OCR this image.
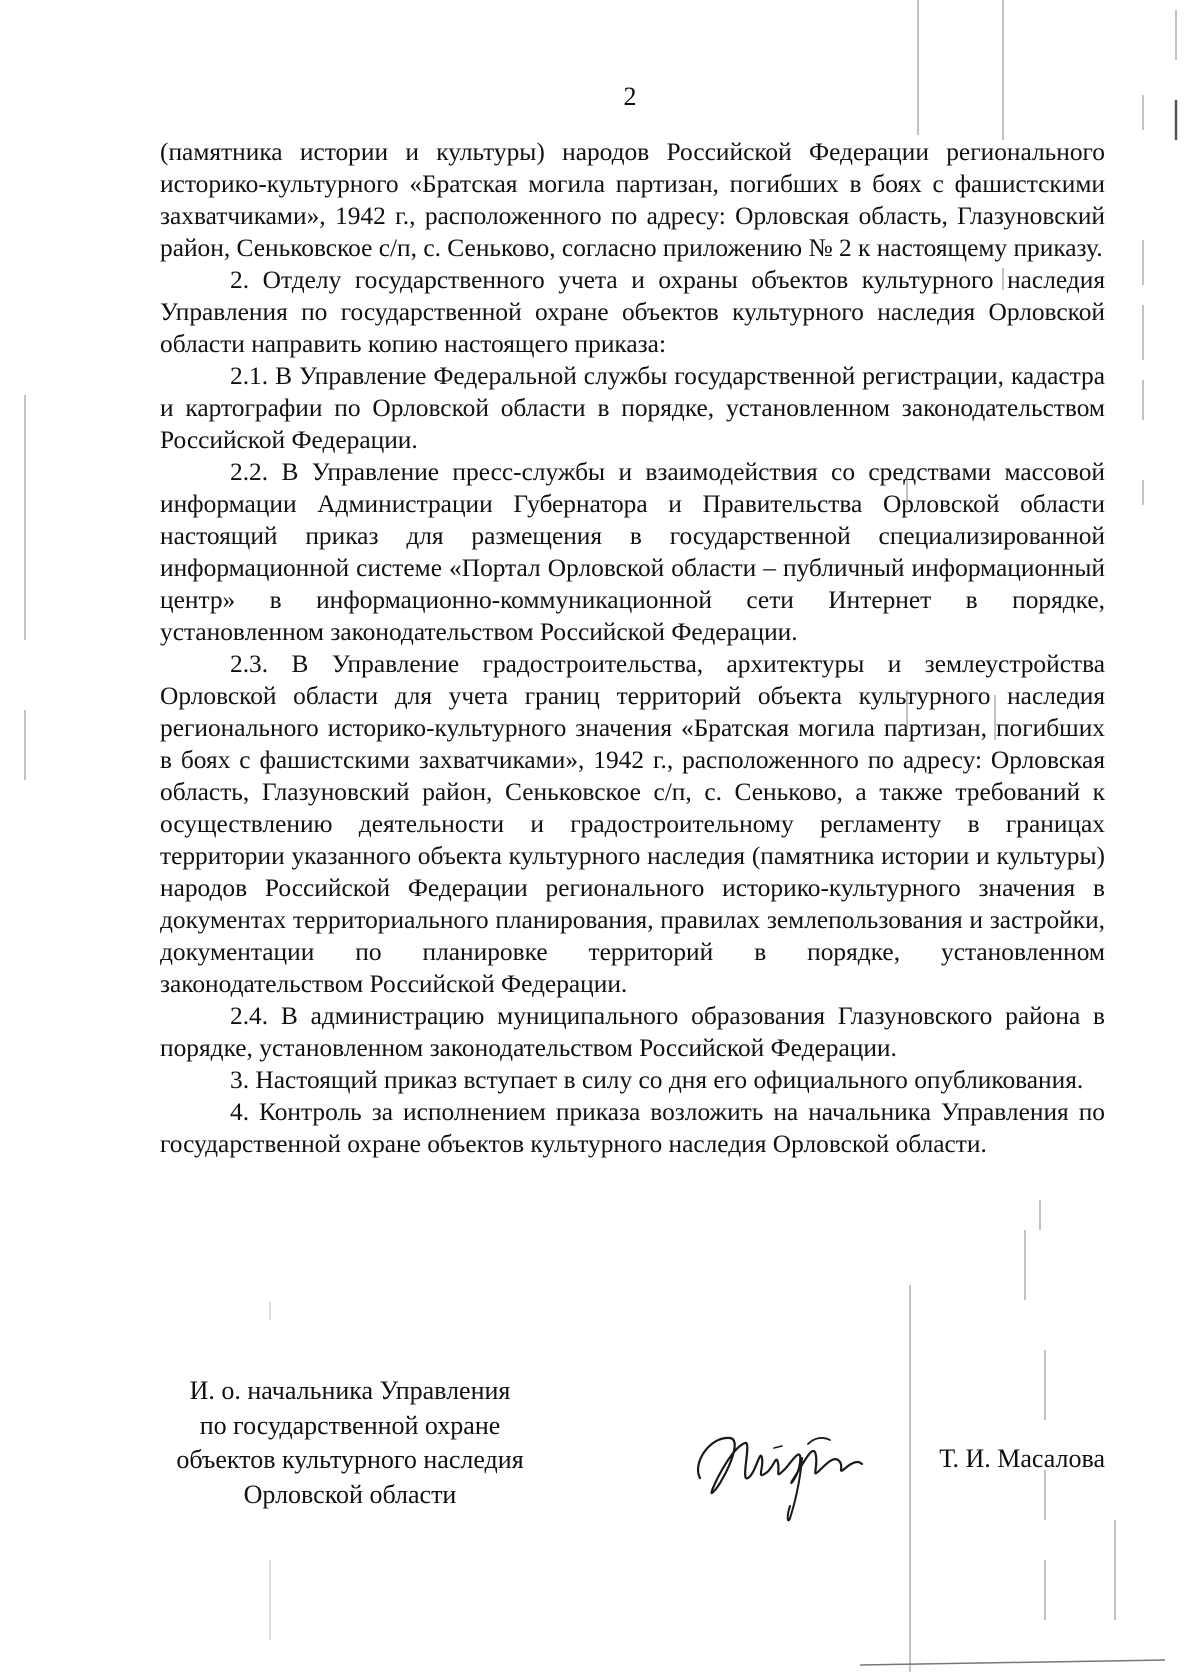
2

(памятника истории и культуры) народов Российской Федерации регионального историко-культурного «Братская могила партизан, погибших в боях с фашистскими захватчиками», 1942 г., расположенного по адресу: Орловская область, Глазуновский район, Сеньковское с/п, с. Сеньково, согласно приложению № 2 к настоящему приказу.

2. Отделу государственного учета и охраны объектов культурного наследия Управления по государственной охране объектов культурного наследия Орловской области направить копию настоящего приказа:

2.1. В Управление Федеральной службы государственной регистрации, кадастра и картографии по Орловской области в порядке, установленном законодательством Российской Федерации.

2.2. В Управление пресс-службы и взаимодействия со средствами массовой информации Администрации Губернатора и Правительства Орловской области настоящий приказ для размещения в государственной специализированной информационной системе «Портал Орловской области – публичный информационный центр» в информационно-коммуникационной сети Интернет в порядке, установленном законодательством Российской Федерации.

2.3. В Управление градостроительства, архитектуры и землеустройства Орловской области для учета границ территорий объекта культурного наследия регионального историко-культурного значения «Братская могила партизан, погибших в боях с фашистскими захватчиками», 1942 г., расположенного по адресу: Орловская область, Глазуновский район, Сеньковское с/п, с. Сеньково, а также требований к осуществлению деятельности и градостроительному регламенту в границах территории указанного объекта культурного наследия (памятника истории и культуры) народов Российской Федерации регионального историко-культурного значения в документах территориального планирования, правилах землепользования и застройки, документации по планировке территорий в порядке, установленном законодательством Российской Федерации.

2.4. В администрацию муниципального образования Глазуновского района в порядке, установленном законодательством Российской Федерации.

3. Настоящий приказ вступает в силу со дня его официального опубликования.

4. Контроль за исполнением приказа возложить на начальника Управления по государственной охране объектов культурного наследия Орловской области.

И. о. начальника Управления
по государственной охране
объектов культурного наследия
Орловской области
Т. И. Масалова
